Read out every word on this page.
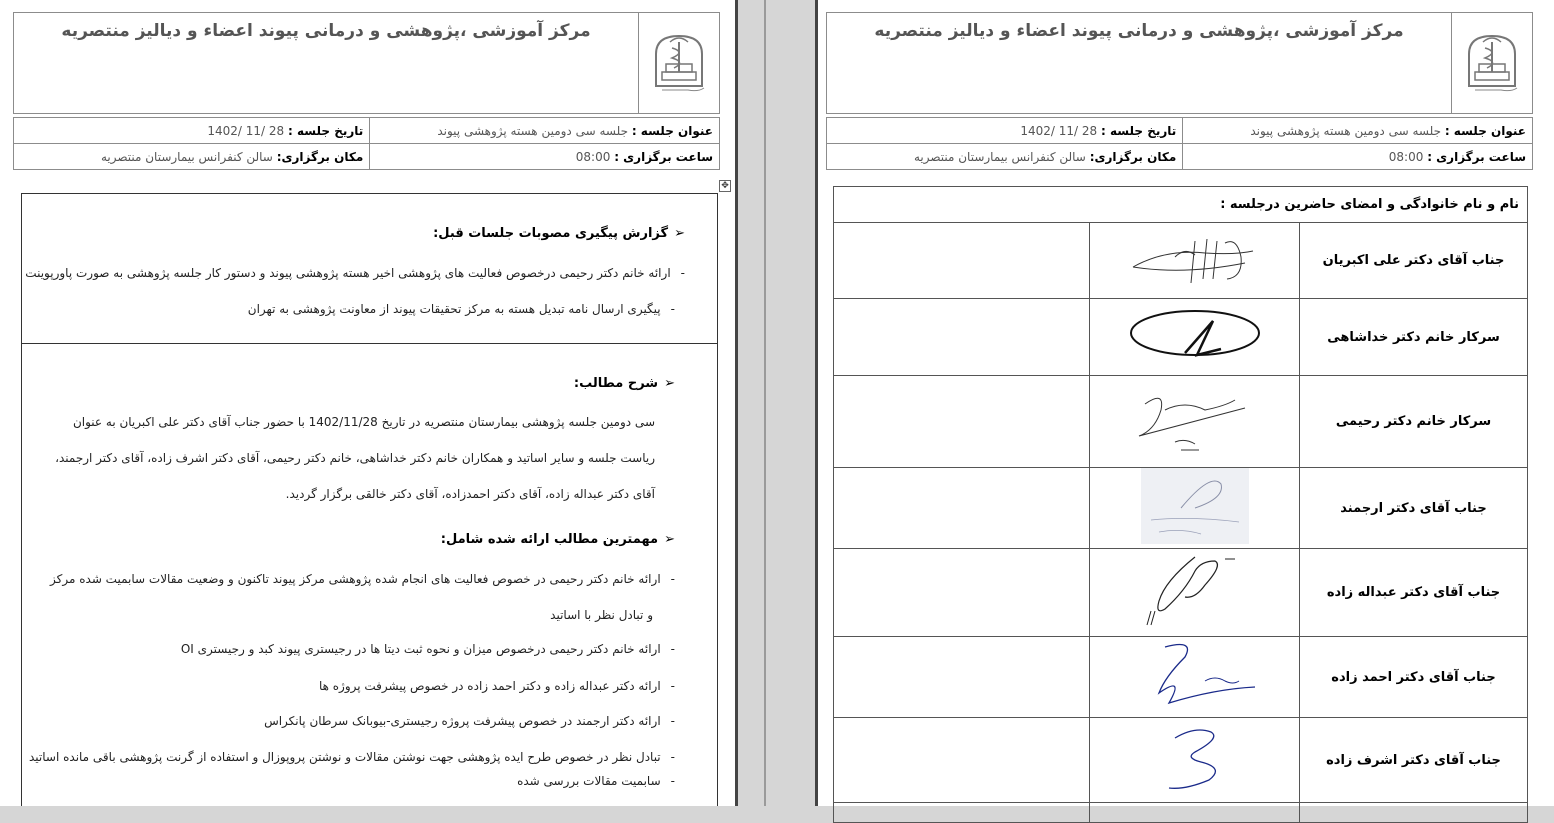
مرکز آموزشی ،پژوهشی و درمانی پیوند اعضاء و دیالیز منتصریه	

عنوان جلسه : جلسه سی دومین هسته پژوهشی پیوند		تاریخ جلسه : 1402/ 11/ 28
ساعت برگزاری : 08:00		مکان برگزاری: سالن کنفرانس بیمارستان منتصریه
✥
➢گزارش پیگیری مصوبات جلسات قبل:
-ارائه خانم دکتر رحیمی درخصوص فعالیت های پژوهشی اخیر هسته پژوهشی پیوند و دستور کار جلسه پژوهشی به صورت پاورپوینت
-پیگیری ارسال نامه تبدیل هسته به مرکز تحقیقات پیوند از معاونت پژوهشی به تهران
➢شرح مطالب:
سی دومین جلسه پژوهشی بیمارستان منتصریه در تاریخ 1402/11/28 با حضور جناب آقای دکتر علی اکبریان به عنوان
ریاست جلسه و سایر اساتید و همکاران خانم دکتر خداشاهی، خانم دکتر رحیمی، آقای دکتر اشرف زاده، آقای دکتر ارجمند،
آقای دکتر عبداله زاده، آقای دکتر احمدزاده، آقای دکتر خالقی برگزار گردید.
➢مهمترین مطالب ارائه شده شامل:
-ارائه خانم دکتر رحیمی در خصوص فعالیت های انجام شده پژوهشی مرکز پیوند تاکنون و وضعیت مقالات سابمیت شده مرکز
و تبادل نظر با اساتید
-ارائه خانم دکتر رحیمی درخصوص میزان و نحوه ثبت دیتا ها در رجیستری پیوند کبد و رجیستری OI
-ارائه دکتر عبداله زاده و دکتر احمد زاده در خصوص پیشرفت پروژه ها
-ارائه دکتر ارجمند در خصوص پیشرفت پروژه رجیستری-بیوبانک سرطان پانکراس
-تبادل نظر در خصوص طرح ایده پژوهشی جهت نوشتن مقالات و نوشتن پروپوزال و استفاده از گرنت پژوهشی باقی مانده اساتید
-سابمیت مقالات بررسی شده

مرکز آموزشی ،پژوهشی و درمانی پیوند اعضاء و دیالیز منتصریه	

عنوان جلسه : جلسه سی دومین هسته پژوهشی پیوند		تاریخ جلسه : 1402/ 11/ 28
ساعت برگزاری : 08:00		مکان برگزاری: سالن کنفرانس بیمارستان منتصریه
نام و نام خانوادگی و امضای حاضرین درجلسه :		
جناب آقای دکتر علی اکبریان		
سرکار خانم دکتر خداشاهی		
سرکار خانم دکتر رحیمی		
جناب آقای دکتر ارجمند		
جناب آقای دکتر عبداله زاده		
جناب آقای دکتر احمد زاده		
جناب آقای دکتر اشرف زاده		
